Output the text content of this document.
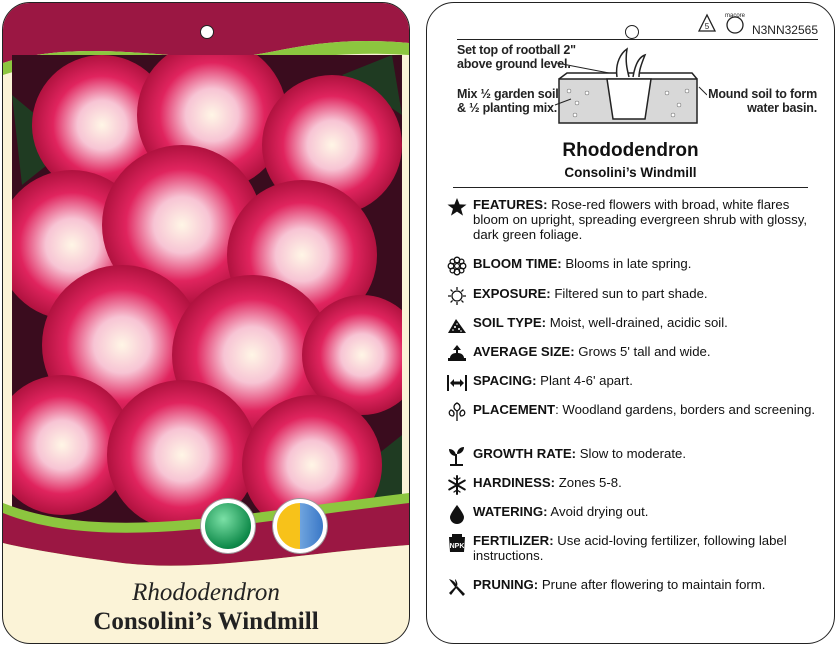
Rhododendron
Consolini’s Windmill
5
macore
N3NN32565
Set top of rootball 2" above ground level.
Mix ½ garden soil & ½ planting mix.
Mound soil to form water basin.
Rhododendron
Consolini’s Windmill
FEATURES: Rose-red flowers with broad, white flares bloom on upright, spreading evergreen shrub with glossy, dark green foliage.
BLOOM TIME: Blooms in late spring.
EXPOSURE: Filtered sun to part shade.
SOIL TYPE: Moist, well-drained, acidic soil.
AVERAGE SIZE: Grows 5' tall and wide.
SPACING: Plant 4-6' apart.
PLACEMENT: Woodland gardens, borders and screening.
GROWTH RATE: Slow to moderate.
HARDINESS: Zones 5-8.
WATERING: Avoid drying out.
NPK FERTILIZER: Use acid-loving fertilizer, following label instructions.
PRUNING: Prune after flowering to maintain form.
